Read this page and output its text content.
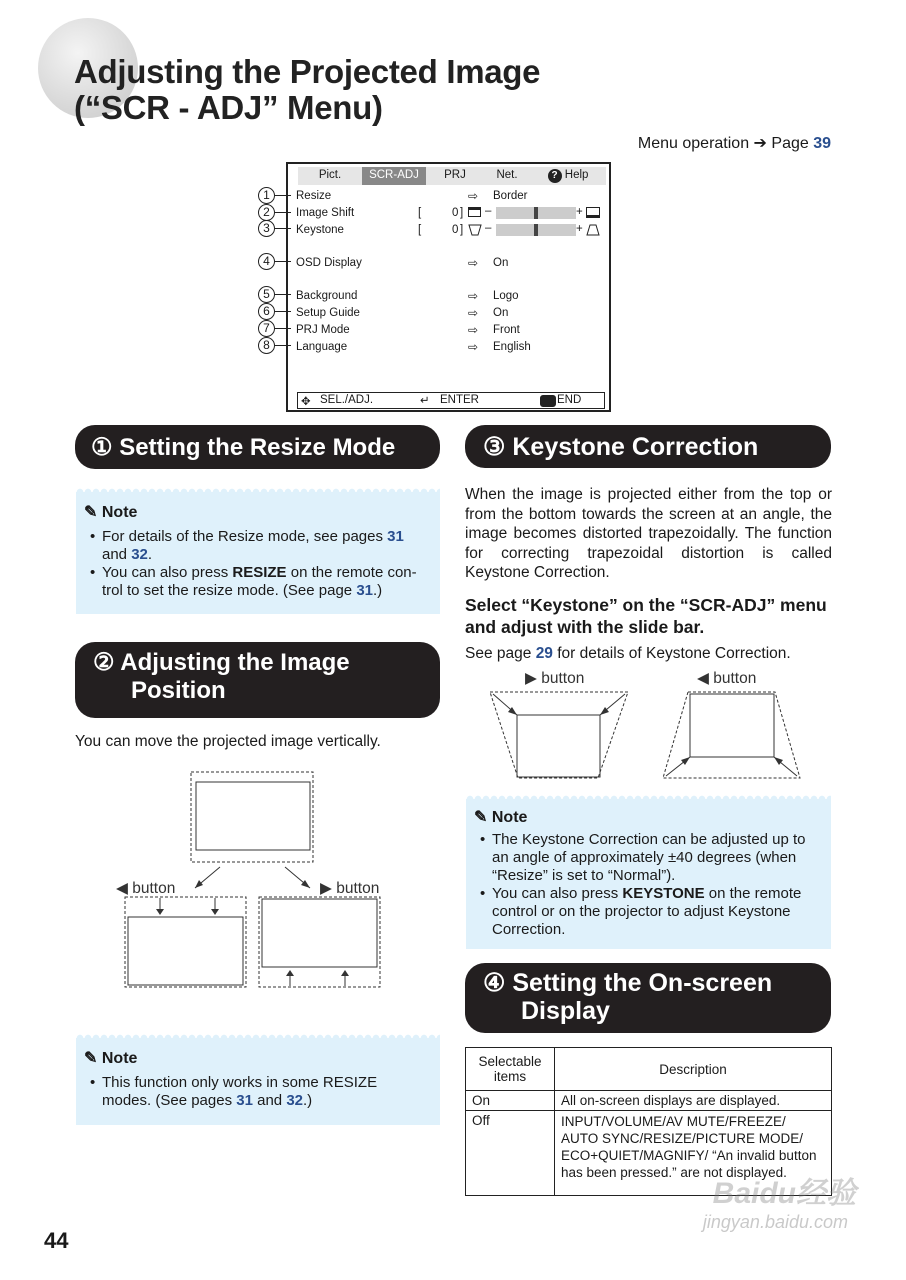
Adjusting the Projected Image
(“SCR - ADJ” Menu)
Menu operation ➔ Page 39
1
2
3
4
5
6
7
8
Pict.	SCR-ADJ	PRJ	Net.	? Help
Resize	⇨ Border
Image Shift	[	0 ] –	+
Keystone	[	0 ] –	+
OSD Display	⇨ On
Background	⇨ Logo
Setup Guide	⇨ On
PRJ Mode	⇨ Front
Language	⇨ English
✥ SEL./ADJ.	↵ ENTER	END
① Setting the Resize Mode
✎ Note
• For details of the Resize mode, see pages 31 and 32.
• You can also press RESIZE on the remote control to set the resize mode. (See page 31.)
② Adjusting the Image
Position
You can move the projected image vertically.
◀ button	▶ button
✎ Note
• This function only works in some RESIZE modes. (See pages 31 and 32.)
③ Keystone Correction
When the image is projected either from the top or from the bottom towards the screen at an angle, the image becomes distorted trapezoidally. The function for correcting trapezoidal distortion is called Keystone Correction.
Select “Keystone” on the “SCR-ADJ” menu and adjust with the slide bar.
See page 29 for details of Keystone Correction.
▶ button	◀ button
✎ Note
• The Keystone Correction can be adjusted up to an angle of approximately ±40 degrees (when “Resize” is set to “Normal”).
• You can also press KEYSTONE on the remote control or on the projector to adjust Keystone Correction.
④ Setting the On-screen
Display
Selectable items	Description
On	All on-screen displays are displayed.
Off	INPUT/VOLUME/AV MUTE/FREEZE/ AUTO SYNC/RESIZE/PICTURE MODE/ ECO+QUIET/MAGNIFY/ “An invalid button has been pressed.” are not displayed.
Baidu经验
jingyan.baidu.com
44
